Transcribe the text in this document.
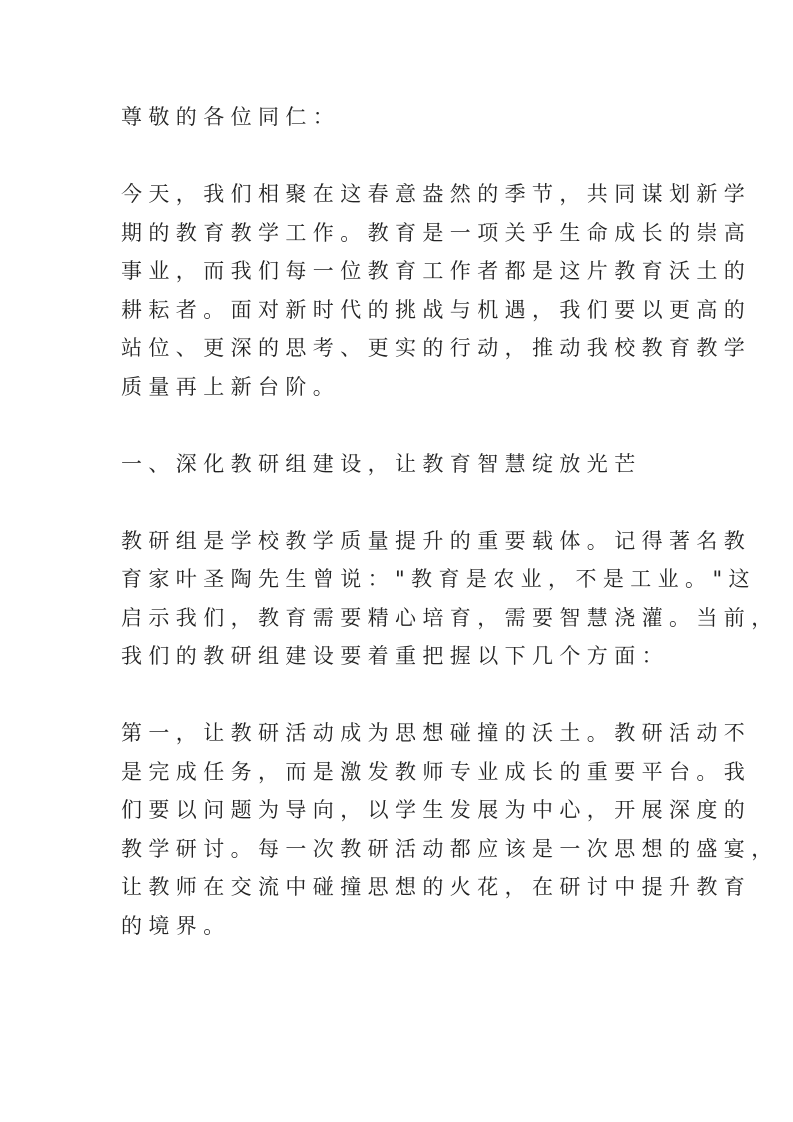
尊敬的各位同仁：
今天，我们相聚在这春意盎然的季节，共同谋划新学
期的教育教学工作。教育是一项关乎生命成长的崇高
事业，而我们每一位教育工作者都是这片教育沃土的
耕耘者。面对新时代的挑战与机遇，我们要以更高的
站位、更深的思考、更实的行动，推动我校教育教学
质量再上新台阶。
一、深化教研组建设，让教育智慧绽放光芒
教研组是学校教学质量提升的重要载体。记得著名教
育家叶圣陶先生曾说："教育是农业，不是工业。"这
启示我们，教育需要精心培育，需要智慧浇灌。当前，
我们的教研组建设要着重把握以下几个方面：
第一，让教研活动成为思想碰撞的沃土。教研活动不
是完成任务，而是激发教师专业成长的重要平台。我
们要以问题为导向，以学生发展为中心，开展深度的
教学研讨。每一次教研活动都应该是一次思想的盛宴，
让教师在交流中碰撞思想的火花，在研讨中提升教育
的境界。
